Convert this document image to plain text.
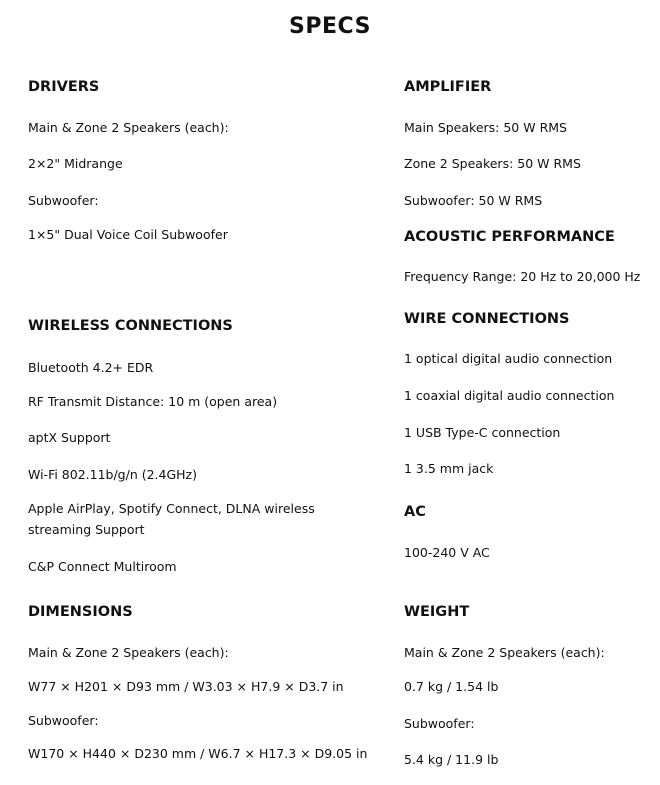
SPECS
DRIVERS
Main & Zone 2 Speakers (each):
2×2" Midrange
Subwoofer:
1×5" Dual Voice Coil Subwoofer
WIRELESS CONNECTIONS
Bluetooth 4.2+ EDR
RF Transmit Distance: 10 m (open area)
aptX Support
Wi-Fi 802.11b/g/n (2.4GHz)
Apple AirPlay, Spotify Connect, DLNA wireless streaming Support
C&P Connect Multiroom
DIMENSIONS
Main & Zone 2 Speakers (each):
W77 × H201 × D93 mm / W3.03 × H7.9 × D3.7 in
Subwoofer:
W170 × H440 × D230 mm / W6.7 × H17.3 × D9.05 in
AMPLIFIER
Main Speakers: 50 W RMS
Zone 2 Speakers: 50 W RMS
Subwoofer: 50 W RMS
ACOUSTIC PERFORMANCE
Frequency Range: 20 Hz to 20,000 Hz
WIRE CONNECTIONS
1 optical digital audio connection
1 coaxial digital audio connection
1 USB Type-C connection
1 3.5 mm jack
AC
100-240 V AC
WEIGHT
Main & Zone 2 Speakers (each):
0.7 kg / 1.54 lb
Subwoofer:
5.4 kg / 11.9 lb
